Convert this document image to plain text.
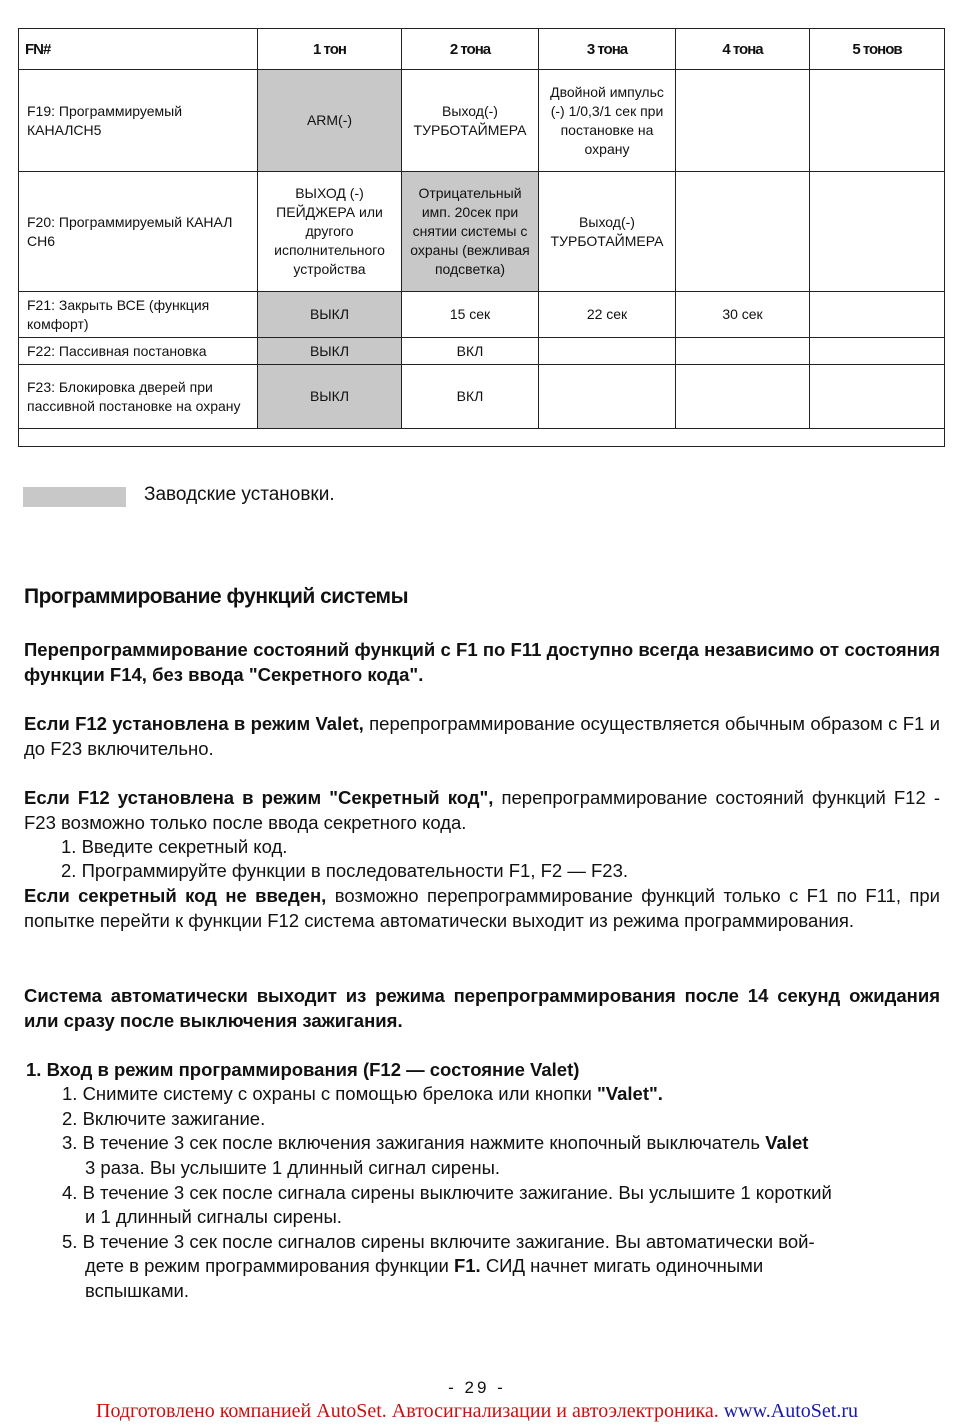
FN#	1 тон	2 тона	3 тона	4 тона	5 тонов
F19: Программируемый КАНАЛСН5	ARM(-)	Выход(-) ТУРБОТАЙМЕРА	Двойной импульс (-) 1/0,3/1 сек при постановке на охрану		
F20: Программируемый КАНАЛ СН6	ВЫХОД (-) ПЕЙДЖЕРА или другого исполнительного устройства	Отрицательный имп. 20сек при снятии системы с охраны (вежливая подсветка)	Выход(-) ТУРБОТАЙМЕРА		
F21: Закрыть ВСЕ (функция комфорт)	ВЫКЛ	15 сек	22 сек	30 сек	
F22: Пассивная постановка	ВЫКЛ	ВКЛ			
F23: Блокировка дверей при пассивной постановке на охрану	ВЫКЛ	ВКЛ			

Заводские установки.
Программирование функций системы
Перепрограммирование состояний функций с F1 по F11 доступно всегда независимо от состояния функции F14, без ввода "Секретного кода".
Если F12 установлена в режим Valet, перепрограммирование осуществляется обычным образом с F1 и до F23 включительно.
Если F12 установлена в режим "Секретный код", перепрограммирование состояний функций F12 - F23 возможно только после ввода секретного кода.
1. Введите секретный код.
2. Программируйте функции в последовательности F1, F2 — F23.
Если секретный код не введен, возможно перепрограммирование функций только с F1 по F11, при попытке перейти к функции F12 система автоматически выходит из режима программирования.
Система автоматически выходит из режима перепрограммирования после 14 секунд ожидания или сразу после выключения зажигания.
1. Вход в режим программирования (F12 — состояние Valet)
1. Снимите систему с охраны с помощью брелока или кнопки "Valet".
2. Включите зажигание.
3. В течение 3 сек после включения зажигания нажмите кнопочный выключатель Valet
3 раза. Вы услышите 1 длинный сигнал сирены.
4. В течение 3 сек после сигнала сирены выключите зажигание. Вы услышите 1 короткий
и 1 длинный сигналы сирены.
5. В течение 3 сек после сигналов сирены включите зажигание. Вы автоматически вой-
дете в режим программирования функции F1. СИД начнет мигать одиночными
вспышками.
- 29 -
Подготовлено компанией AutoSet. Автосигнализации и автоэлектроника. www.AutoSet.ru
